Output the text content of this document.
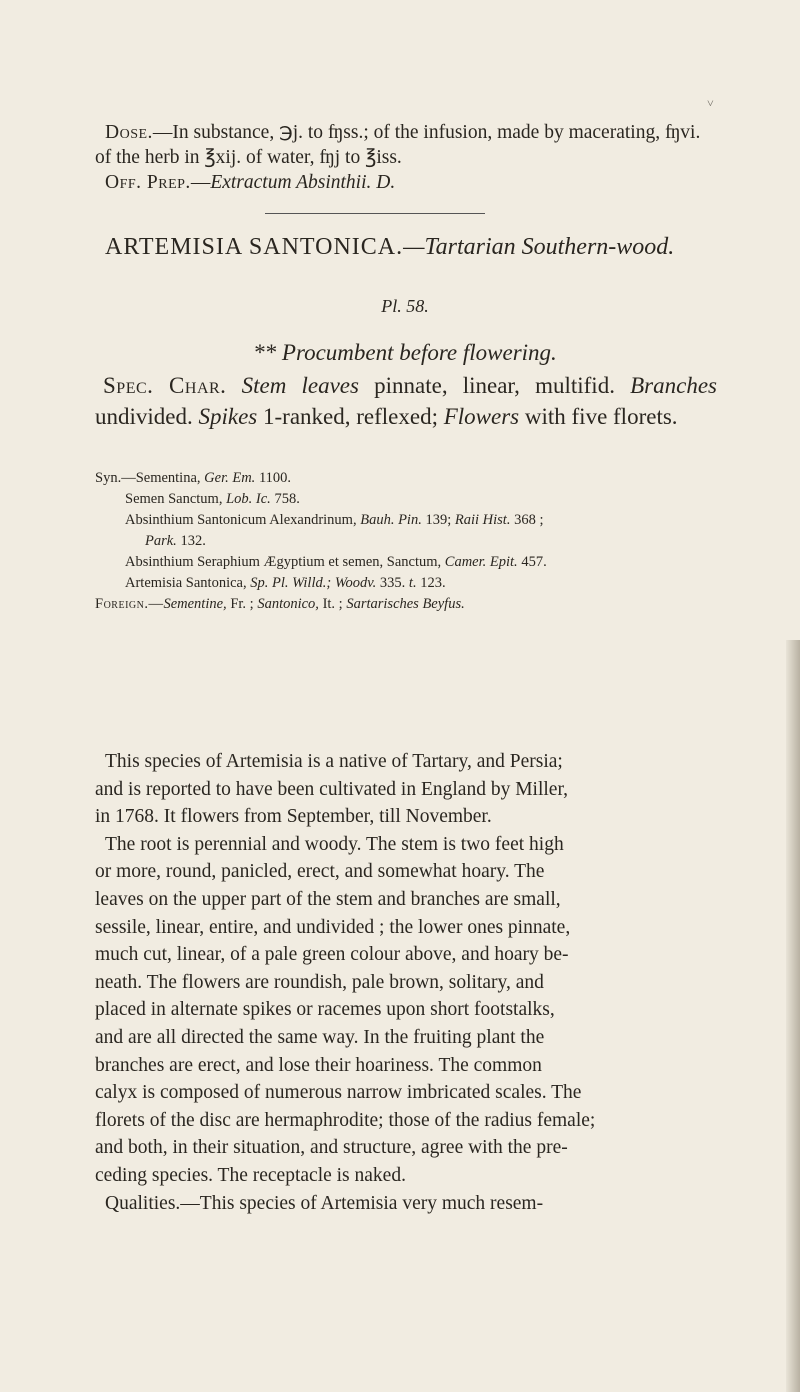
˅
Dose.—In substance, ℈j. to ʩss.; of the infusion, made by macerating, ʩvi. of the herb in ℥xij. of water, ʩj to ℥iss.
Off. Prep.—Extractum Absinthii. D.
ARTEMISIA SANTONICA.—Tartarian Southern-wood.
Pl. 58.
** Procumbent before flowering.
Spec. Char. Stem leaves pinnate, linear, multifid. Branches undivided. Spikes 1-ranked, reflexed; Flowers with five florets.
Syn.—Sementina, Ger. Em. 1100.
Semen Sanctum, Lob. Ic. 758.
Absinthium Santonicum Alexandrinum, Bauh. Pin. 139; Raii Hist. 368 ;
Park. 132.
Absinthium Seraphium Ægyptium et semen, Sanctum, Camer. Epit. 457.
Artemisia Santonica, Sp. Pl. Willd.; Woodv. 335. t. 123.
Foreign.—Sementine, Fr. ; Santonico, It. ; Sartarisches Beyfus.
This species of Artemisia is a native of Tartary, and Persia;
and is reported to have been cultivated in England by Miller,
in 1768. It flowers from September, till November.
The root is perennial and woody. The stem is two feet high
or more, round, panicled, erect, and somewhat hoary. The
leaves on the upper part of the stem and branches are small,
sessile, linear, entire, and undivided ; the lower ones pinnate,
much cut, linear, of a pale green colour above, and hoary be-
neath. The flowers are roundish, pale brown, solitary, and
placed in alternate spikes or racemes upon short footstalks,
and are all directed the same way. In the fruiting plant the
branches are erect, and lose their hoariness. The common
calyx is composed of numerous narrow imbricated scales. The
florets of the disc are hermaphrodite; those of the radius female;
and both, in their situation, and structure, agree with the pre-
ceding species. The receptacle is naked.
Qualities.—This species of Artemisia very much resem-
